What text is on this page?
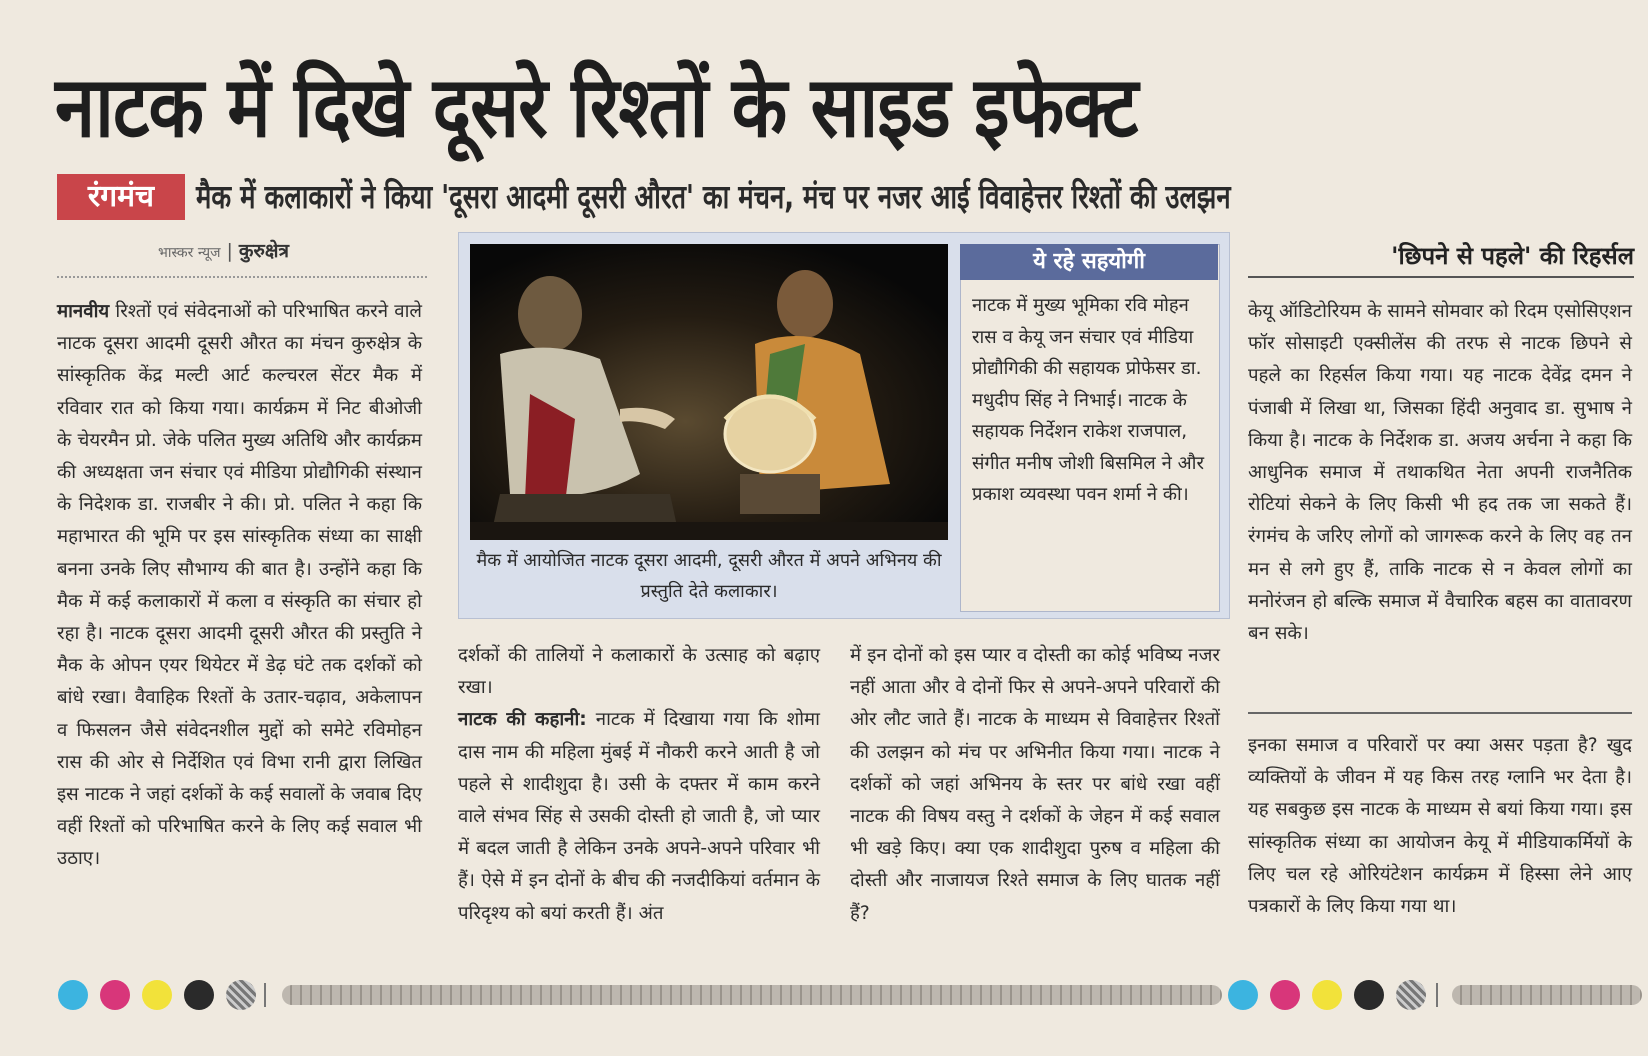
नाटक में दिखे दूसरे रिश्तों के साइड इफेक्ट
रंगमंच	मैक में कलाकारों ने किया 'दूसरा आदमी दूसरी औरत' का मंचन, मंच पर नजर आई विवाहेत्तर रिश्तों की उलझन
भास्कर न्यूज | कुरुक्षेत्र
मानवीय रिश्तों एवं संवेदनाओं को परिभाषित करने वाले नाटक दूसरा आदमी दूसरी औरत का मंचन कुरुक्षेत्र के सांस्कृतिक केंद्र मल्टी आर्ट कल्चरल सेंटर मैक में रविवार रात को किया गया। कार्यक्रम में निट बीओजी के चेयरमैन प्रो. जेके पलित मुख्य अतिथि और कार्यक्रम की अध्यक्षता जन संचार एवं मीडिया प्रोद्यौगिकी संस्थान के निदेशक डा. राजबीर ने की। प्रो. पलित ने कहा कि महाभारत की भूमि पर इस सांस्कृतिक संध्या का साक्षी बनना उनके लिए सौभाग्य की बात है। उन्होंने कहा कि मैक में कई कलाकारों में कला व संस्कृति का संचार हो रहा है। नाटक दूसरा आदमी दूसरी औरत की प्रस्तुति ने मैक के ओपन एयर थियेटर में डेढ़ घंटे तक दर्शकों को बांधे रखा। वैवाहिक रिश्तों के उतार-चढ़ाव, अकेलापन व फिसलन जैसे संवेदनशील मुद्दों को समेटे रविमोहन रास की ओर से निर्देशित एवं विभा रानी द्वारा लिखित इस नाटक ने जहां दर्शकों के कई सवालों के जवाब दिए वहीं रिश्तों को परिभाषित करने के लिए कई सवाल भी उठाए।
मैक में आयोजित नाटक दूसरा आदमी, दूसरी औरत में अपने अभिनय की प्रस्तुति देते कलाकार।
ये रहे सहयोगी
नाटक में मुख्य भूमिका रवि मोहन रास व केयू जन संचार एवं मीडिया प्रोद्यौगिकी की सहायक प्रोफेसर डा. मधुदीप सिंह ने निभाई। नाटक के सहायक निर्देशन राकेश राजपाल, संगीत मनीष जोशी बिसमिल ने और प्रकाश व्यवस्था पवन शर्मा ने की।
दर्शकों की तालियों ने कलाकारों के उत्साह को बढ़ाए रखा।
नाटक की कहानी: नाटक में दिखाया गया कि शोमा दास नाम की महिला मुंबई में नौकरी करने आती है जो पहले से शादीशुदा है। उसी के दफ्तर में काम करने वाले संभव सिंह से उसकी दोस्ती हो जाती है, जो प्यार में बदल जाती है लेकिन उनके अपने-अपने परिवार भी हैं। ऐसे में इन दोनों के बीच की नजदीकियां वर्तमान के परिदृश्य को बयां करती हैं। अंत
में इन दोनों को इस प्यार व दोस्ती का कोई भविष्य नजर नहीं आता और वे दोनों फिर से अपने-अपने परिवारों की ओर लौट जाते हैं। नाटक के माध्यम से विवाहेत्तर रिश्तों की उलझन को मंच पर अभिनीत किया गया। नाटक ने दर्शकों को जहां अभिनय के स्तर पर बांधे रखा वहीं नाटक की विषय वस्तु ने दर्शकों के जेहन में कई सवाल भी खड़े किए। क्या एक शादीशुदा पुरुष व महिला की दोस्ती और नाजायज रिश्ते समाज के लिए घातक नहीं हैं?
'छिपने से पहले' की रिहर्सल
केयू ऑडिटोरियम के सामने सोमवार को रिदम एसोसिएशन फॉर सोसाइटी एक्सीलेंस की तरफ से नाटक छिपने से पहले का रिहर्सल किया गया। यह नाटक देवेंद्र दमन ने पंजाबी में लिखा था, जिसका हिंदी अनुवाद डा. सुभाष ने किया है। नाटक के निर्देशक डा. अजय अर्चना ने कहा कि आधुनिक समाज में तथाकथित नेता अपनी राजनैतिक रोटियां सेकने के लिए किसी भी हद तक जा सकते हैं। रंगमंच के जरिए लोगों को जागरूक करने के लिए वह तन मन से लगे हुए हैं, ताकि नाटक से न केवल लोगों का मनोरंजन हो बल्कि समाज में वैचारिक बहस का वातावरण बन सके।
इनका समाज व परिवारों पर क्या असर पड़ता है? खुद व्यक्तियों के जीवन में यह किस तरह ग्लानि भर देता है। यह सबकुछ इस नाटक के माध्यम से बयां किया गया। इस सांस्कृतिक संध्या का आयोजन केयू में मीडियाकर्मियों के लिए चल रहे ओरियंटेशन कार्यक्रम में हिस्सा लेने आए पत्रकारों के लिए किया गया था।
